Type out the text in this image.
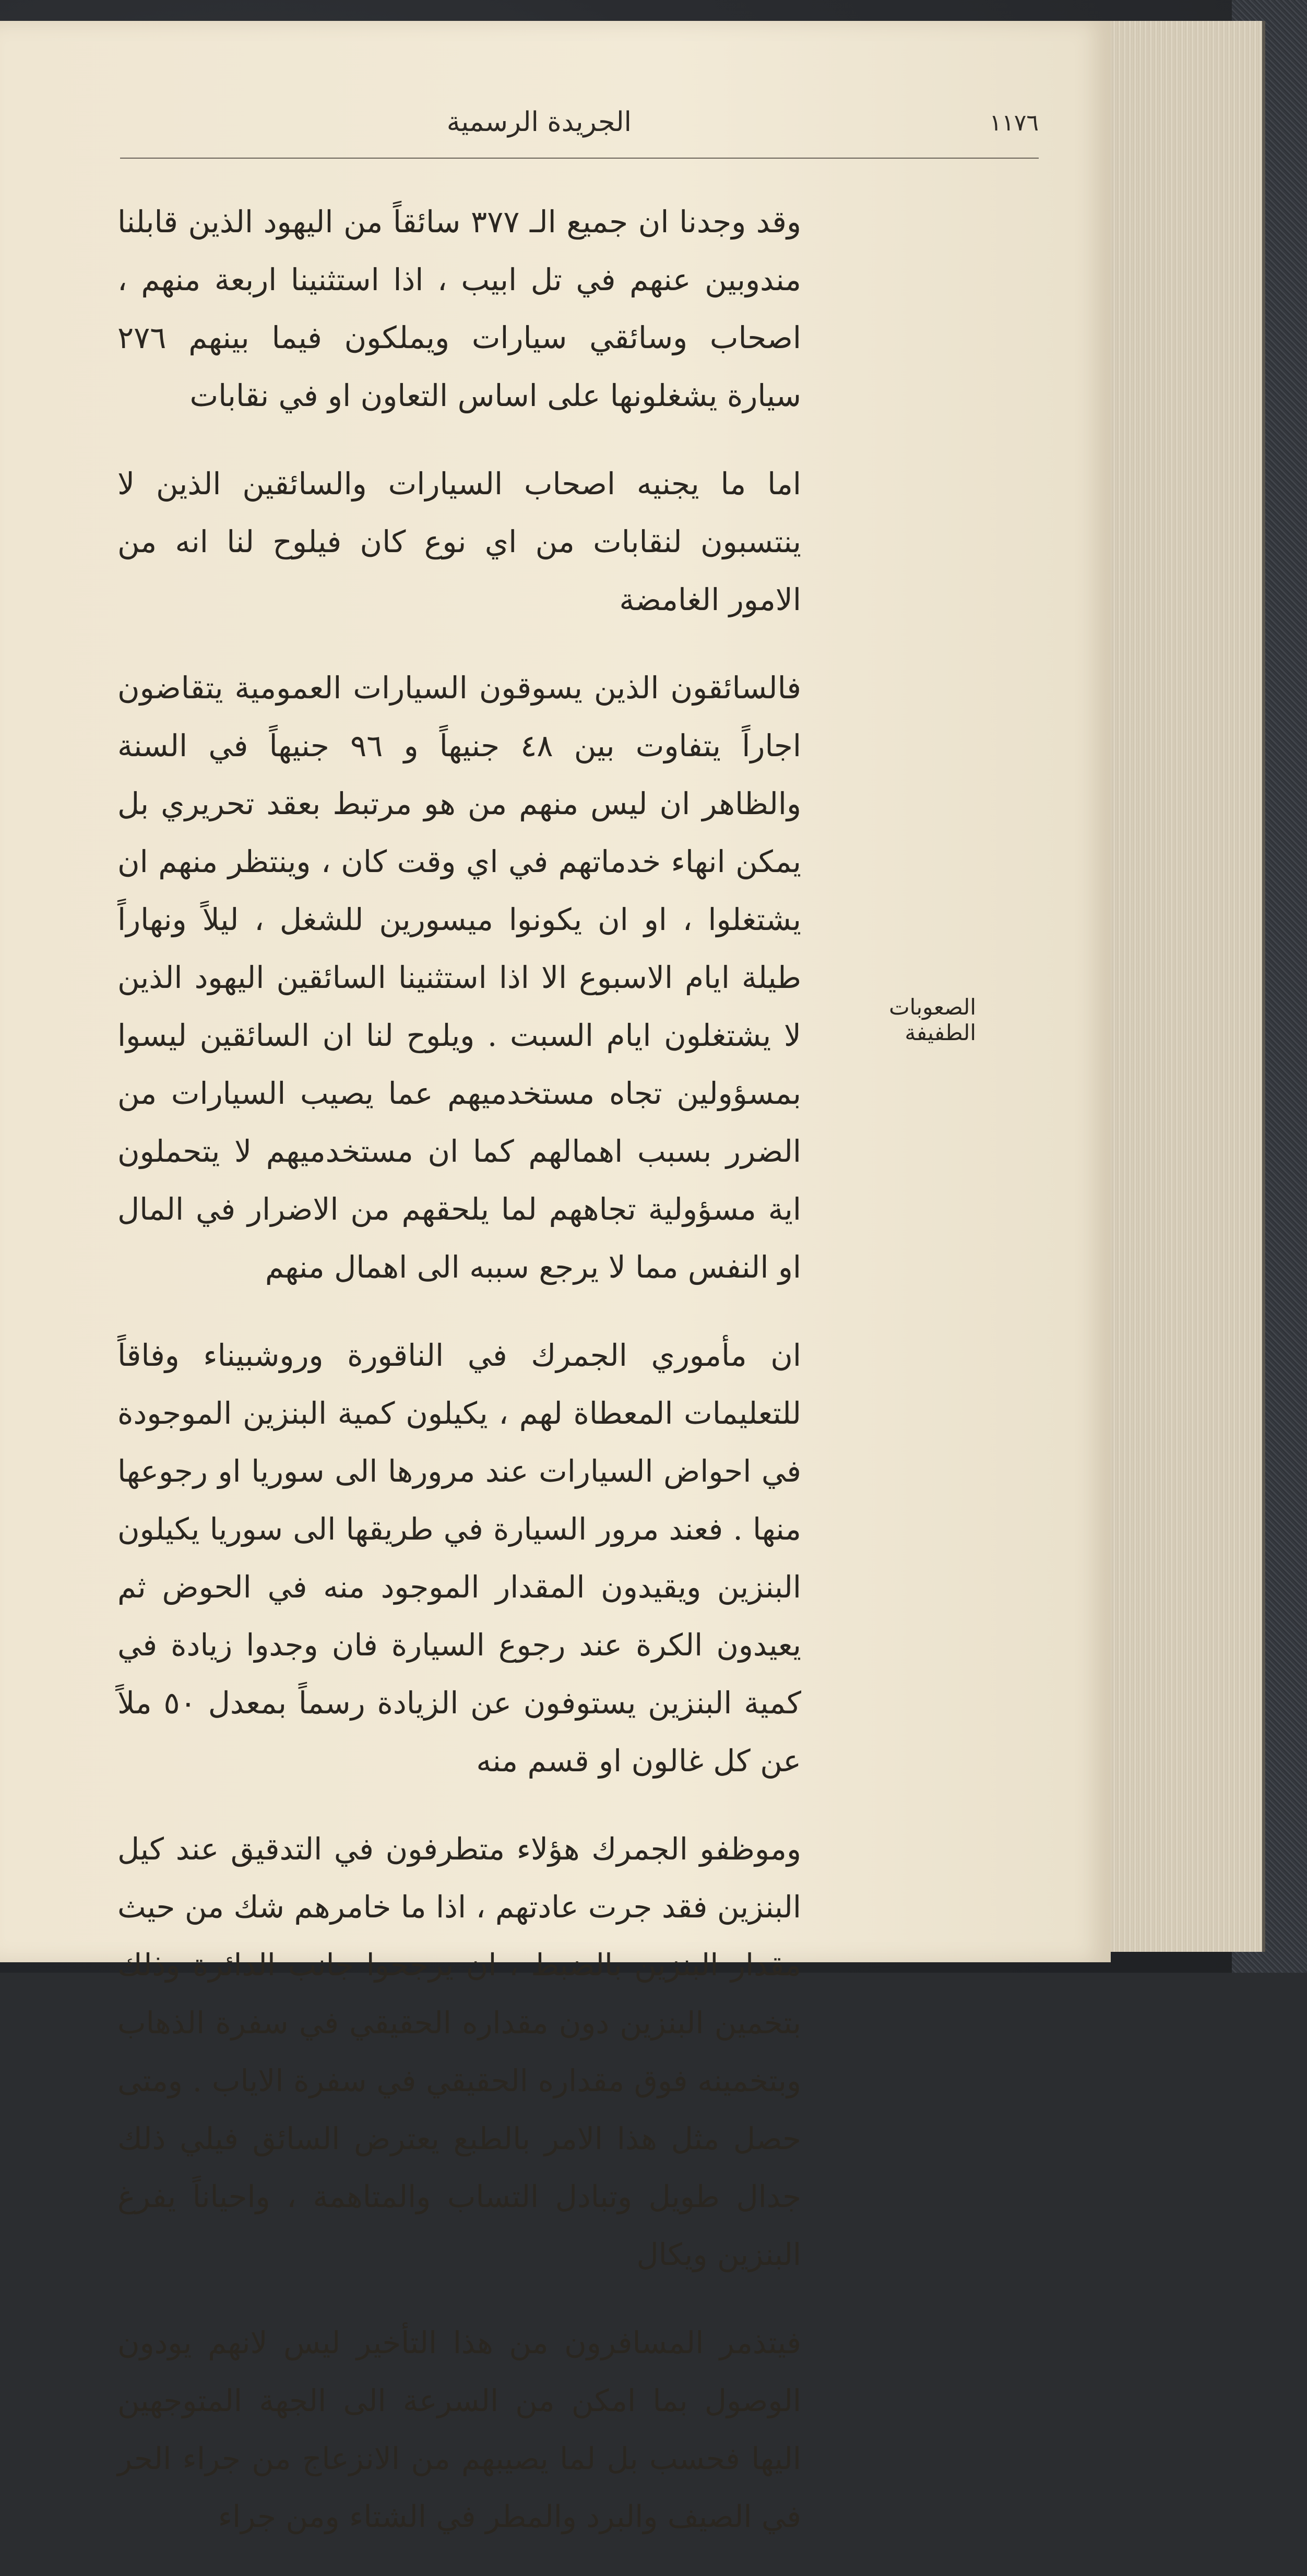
١١٧٦
الجريدة الرسمية

وقد وجدنا ان جميع الـ ٣٧٧ سائقاً من اليهود الذين قابلنا مندوبين عنهم في تل ابيب ، اذا استثنينا اربعة منهم ، اصحاب وسائقي سيارات ويملكون فيما بينهم ٢٧٦ سيارة يشغلونها على اساس التعاون او في نقابات

اما ما يجنيه اصحاب السيارات والسائقين الذين لا ينتسبون لنقابات من اي نوع كان فيلوح لنا انه من الامور الغامضة

فالسائقون الذين يسوقون السيارات العمومية يتقاضون اجاراً يتفاوت بين ٤٨ جنيهاً و ٩٦ جنيهاً في السنة والظاهر ان ليس منهم من هو مرتبط بعقد تحريري بل يمكن انهاء خدماتهم في اي وقت كان ، وينتظر منهم ان يشتغلوا ، او ان يكونوا ميسورين للشغل ، ليلاً ونهاراً طيلة ايام الاسبوع الا اذا استثنينا السائقين اليهود الذين لا يشتغلون ايام السبت . ويلوح لنا ان السائقين ليسوا بمسؤولين تجاه مستخدميهم عما يصيب السيارات من الضرر بسبب اهمالهم كما ان مستخدميهم لا يتحملون اية مسؤولية تجاههم لما يلحقهم من الاضرار في المال او النفس مما لا يرجع سببه الى اهمال منهم

ان مأموري الجمرك في الناقورة وروشبيناء وفاقاً للتعليمات المعطاة لهم ، يكيلون كمية البنزين الموجودة في احواض السيارات عند مرورها الى سوريا او رجوعها منها . فعند مرور السيارة في طريقها الى سوريا يكيلون البنزين ويقيدون المقدار الموجود منه في الحوض ثم يعيدون الكرة عند رجوع السيارة فان وجدوا زيادة في كمية البنزين يستوفون عن الزيادة رسماً بمعدل ٥٠ ملاً عن كل غالون او قسم منه

وموظفو الجمرك هؤلاء متطرفون في التدقيق عند كيل البنزين فقد جرت عادتهم ، اذا ما خامرهم شك من حيث مقدار البنزين بالضبط ، ان يرجحوا جانب الدائرة وذلك بتخمين البنزين دون مقداره الحقيقي في سفرة الذهاب وبتخمينه فوق مقداره الحقيقي في سفرة الاياب . ومتى حصل مثل هذا الامر بالطبع يعترض السائق فيلي ذلك جدال طويل وتبادل التساب والمتاهمة ، واحياناً يفرغ البنزين ويكال

فيتذمر المسافرون من هذا التأخير ليس لانهم يودون الوصول بما امكن من السرعة الى الجهة المتوجهين اليها فحسب بل لما يصيبهم من الانزعاج من جراء الحر في الصيف والبرد والمطر في الشتاء ومن جراء

الصعوبات الطفيفة
